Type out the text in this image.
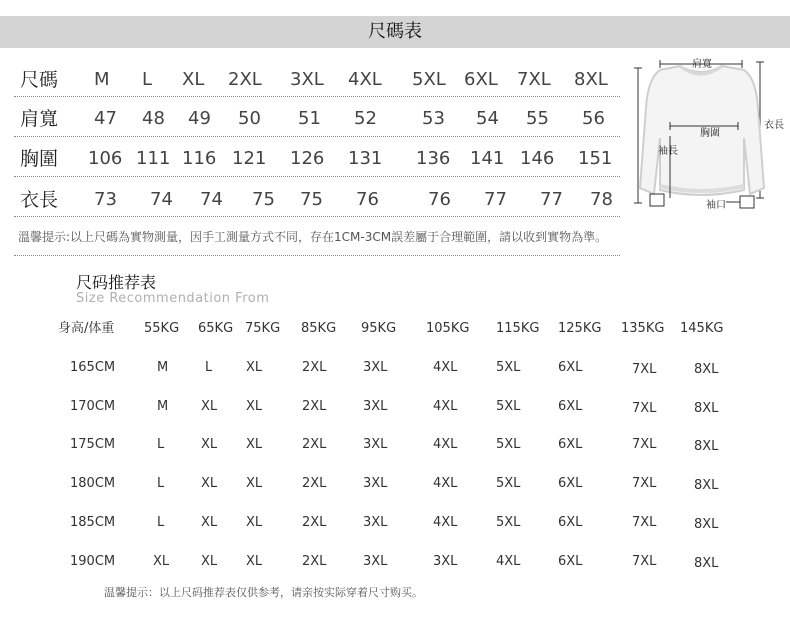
尺碼表
尺碼 M L XL 2XL 3XL 4XL 5XL 6XL 7XL 8XL
肩寬 47 48 49 50 51 52	53 54 55 56
胸圍 106 111 116 121 126 131 136 141 146 151
衣長 73 74 74 75 75 76	76 77 77 78
溫馨提示:以上尺碼為實物測量，因手工測量方式不同，存在1CM-3CM誤差屬于合理範圍，請以收到實物為準。
肩寬
胸圍
衣長
袖長
袖口
尺码推荐表
Size Recommendation From
身高/体重 55KG 65KG 75KG 85KG 95KG 105KG 115KG 125KG 135KG 145KG
165CM	M	L	XL	2XL	3XL	4XL	5XL	6XL	7XL	8XL
170CM	M	XL XL	2XL	3XL	4XL	5XL	6XL	7XL	8XL
175CM	L	XL XL	2XL	3XL	4XL	5XL	6XL	7XL	8XL
180CM	L	XL XL	2XL	3XL	4XL	5XL	6XL	7XL	8XL
185CM	L	XL XL	2XL	3XL	4XL	5XL	6XL	7XL	8XL
190CM	XL XL XL	2XL	3XL	3XL	4XL	6XL	7XL	8XL
温馨提示：以上尺码推荐表仅供参考，请亲按实际穿着尺寸购买。
